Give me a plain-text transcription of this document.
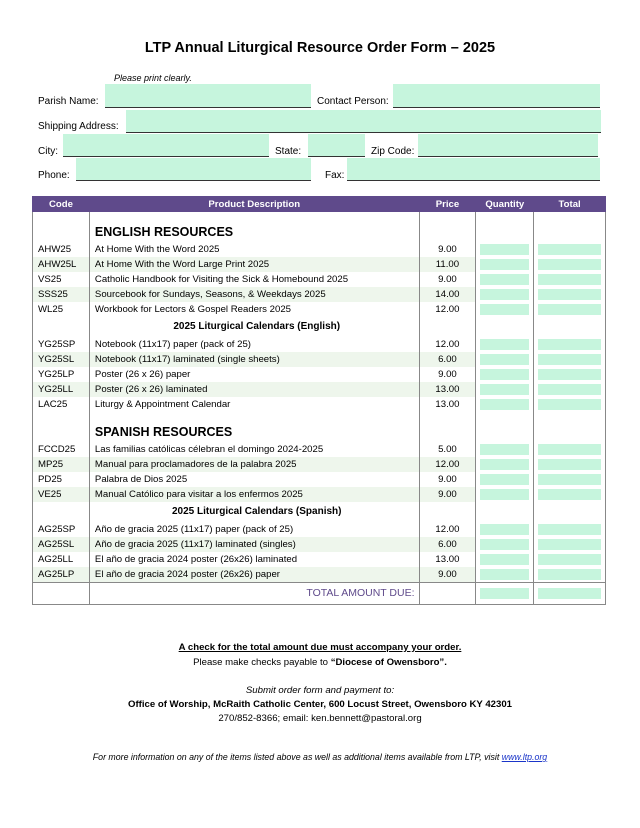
LTP Annual Liturgical Resource Order Form – 2025
Please print clearly.
Parish Name:	Contact Person:
Shipping Address:
City:	State:	Zip Code:
Phone:	Fax:
Code	Product Description	Price	Quantity	Total
	ENGLISH RESOURCES			
AHW25	At Home With the Word 2025	9.00	

AHW25L	At Home With the Word Large Print 2025	11.00	

VS25	Catholic Handbook for Visiting the Sick & Homebound 2025	9.00	

SSS25	Sourcebook for Sundays, Seasons, & Weekdays 2025	14.00	

WL25	Workbook for Lectors & Gospel Readers 2025	12.00	

	2025 Liturgical Calendars (English)			
YG25SP	Notebook (11x17) paper (pack of 25)	12.00	

YG25SL	Notebook (11x17) laminated (single sheets)	6.00	

YG25LP	Poster (26 x 26) paper	9.00	

YG25LL	Poster (26 x 26) laminated	13.00	

LAC25	Liturgy & Appointment Calendar	13.00	

	SPANISH RESOURCES			
FCCD25	Las familias católicas célebran el domingo 2024-2025	5.00	

MP25	Manual para proclamadores de la palabra 2025	12.00	

PD25	Palabra de Dios 2025	9.00	

VE25	Manual Católico para visitar a los enfermos 2025	9.00	

	2025 Liturgical Calendars (Spanish)			
AG25SP	Año de gracia 2025 (11x17) paper (pack of 25)	12.00	

AG25SL	Año de gracia 2025 (11x17) laminated (singles)	6.00	

AG25LL	El año de gracia 2024 poster (26x26) laminated	13.00	

AG25LP	El año de gracia 2024 poster (26x26) paper	9.00	

	TOTAL AMOUNT DUE:		

A check for the total amount due must accompany your order.
Please make checks payable to “Diocese of Owensboro”.
Submit order form and payment to:
Office of Worship, McRaith Catholic Center, 600 Locust Street, Owensboro KY 42301
270/852-8366; email: ken.bennett@pastoral.org
For more information on any of the items listed above as well as additional items available from LTP, visit www.ltp.org
